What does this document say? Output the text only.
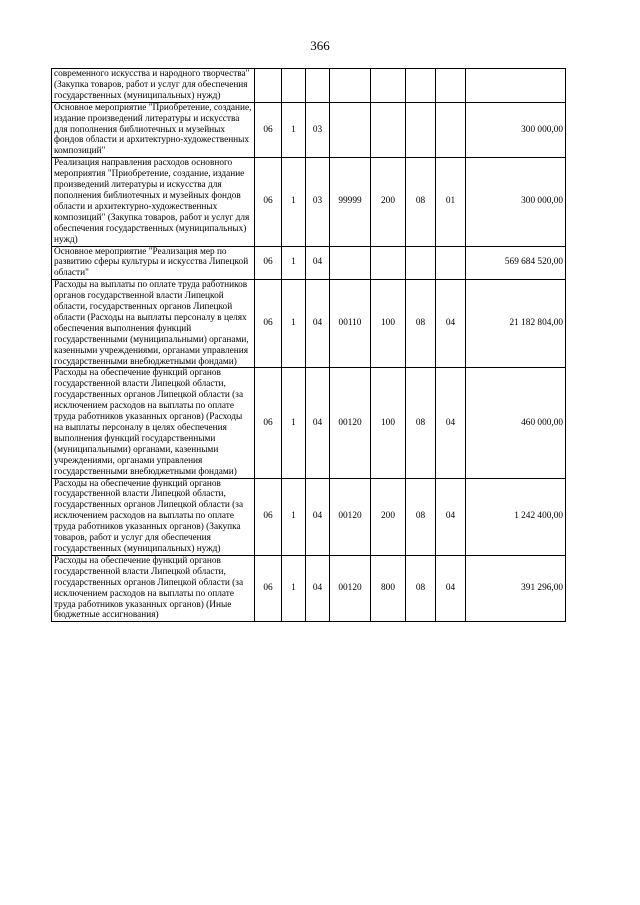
366
современного искусства и народного творчества" (Закупка товаров, работ и услуг для обеспечения государственных (муниципальных) нужд)								
Основное мероприятие "Приобретение, создание, издание произведений литературы и искусства для пополнения библиотечных и музейных фондов области и архитектурно-художественных композиций"	06	1	03					300 000,00
Реализация направления расходов основного мероприятия "Приобретение, создание, издание произведений литературы и искусства для пополнения библиотечных и музейных фондов области и архитектурно-художественных композиций" (Закупка товаров, работ и услуг для обеспечения государственных (муниципальных) нужд)	06	1	03	99999	200	08	01	300 000,00
Основное мероприятие "Реализация мер по развитию сферы культуры и искусства Липецкой области"	06	1	04					569 684 520,00
Расходы на выплаты по оплате труда работников органов государственной власти Липецкой области, государственных органов Липецкой области (Расходы на выплаты персоналу в целях обеспечения выполнения функций государственными (муниципальными) органами, казенными учреждениями, органами управления государственными внебюджетными фондами)	06	1	04	00110	100	08	04	21 182 804,00
Расходы на обеспечение функций органов государственной власти Липецкой области, государственных органов Липецкой области (за исключением расходов на выплаты по оплате труда работников указанных органов) (Расходы на выплаты персоналу в целях обеспечения выполнения функций государственными (муниципальными) органами, казенными учреждениями, органами управления государственными внебюджетными фондами)	06	1	04	00120	100	08	04	460 000,00
Расходы на обеспечение функций органов государственной власти Липецкой области, государственных органов Липецкой области (за исключением расходов на выплаты по оплате труда работников указанных органов) (Закупка товаров, работ и услуг для обеспечения государственных (муниципальных) нужд)	06	1	04	00120	200	08	04	1 242 400,00
Расходы на обеспечение функций органов государственной власти Липецкой области, государственных органов Липецкой области (за исключением расходов на выплаты по оплате труда работников указанных органов) (Иные бюджетные ассигнования)	06	1	04	00120	800	08	04	391 296,00
